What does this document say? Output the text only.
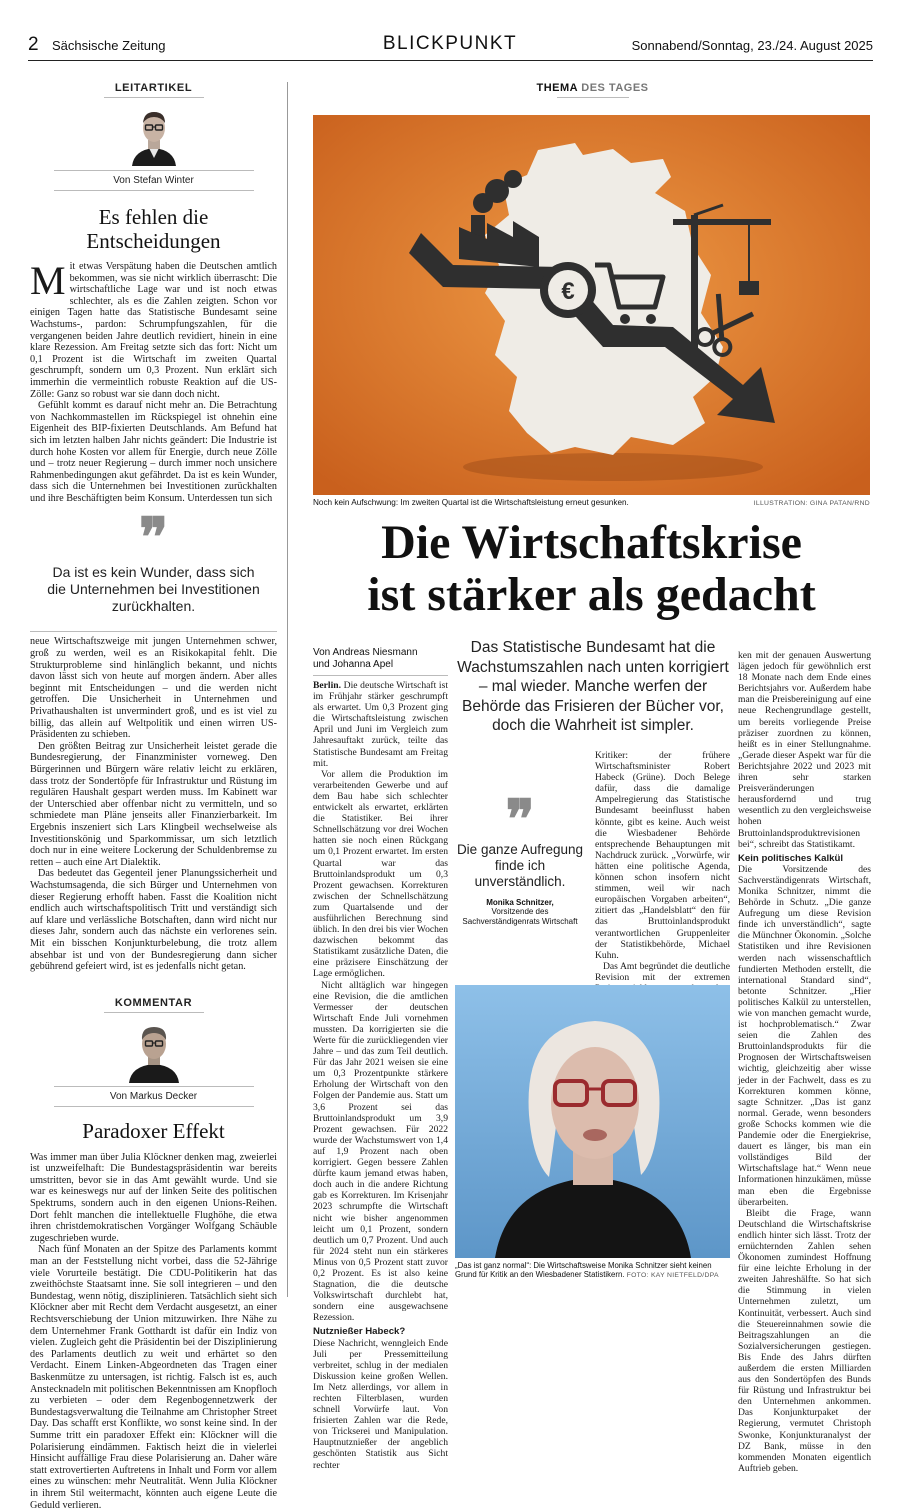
2 Sächsische Zeitung	BLICKPUNKT	Sonnabend/Sonntag, 23./24. August 2025
LEITARTIKEL
Von Stefan Winter
Es fehlen die Entscheidungen

Mit etwas Verspätung haben die Deutschen amtlich bekommen, was sie nicht wirklich überrascht: Die wirtschaftliche Lage war und ist noch etwas schlechter, als es die Zahlen zeigten. Schon vor einigen Tagen hatte das Statistische Bundesamt seine Wachstums-, pardon: Schrumpfungszahlen, für die vergangenen beiden Jahre deutlich revidiert, hinein in eine klare Rezession. Am Freitag setzte sich das fort: Nicht um 0,1 Prozent ist die Wirtschaft im zweiten Quartal geschrumpft, sondern um 0,3 Prozent. Nun erklärt sich immerhin die vermeintlich robuste Reaktion auf die US-Zölle: Ganz so robust war sie dann doch nicht.

Gefühlt kommt es darauf nicht mehr an. Die Betrachtung von Nachkommastellen im Rückspiegel ist ohnehin eine Eigenheit des BIP-fixierten Deutschlands. Am Befund hat sich im letzten halben Jahr nichts geändert: Die Industrie ist durch hohe Kosten vor allem für Energie, durch neue Zölle und – trotz neuer Regierung – durch immer noch unsichere Rahmenbedingungen akut gefährdet. Da ist es kein Wunder, dass sich die Unternehmen bei Investitionen zurückhalten und ihre Beschäftigten beim Konsum. Unterdessen tun sich

❞
Da ist es kein Wunder, dass sich die Unternehmen bei Investitionen zurückhalten.

neue Wirtschaftszweige mit jungen Unternehmen schwer, groß zu werden, weil es an Risikokapital fehlt. Die Strukturprobleme sind hinlänglich bekannt, und nichts davon lässt sich von heute auf morgen ändern. Aber alles beginnt mit Entscheidungen – und die werden nicht getroffen. Die Unsicherheit in Unternehmen und Privathaushalten ist unvermindert groß, und es ist viel zu billig, das allein auf Weltpolitik und einen wirren US-Präsidenten zu schieben.

Den größten Beitrag zur Unsicherheit leistet gerade die Bundesregierung, der Finanzminister vorneweg. Den Bürgerinnen und Bürgern wäre relativ leicht zu erklären, dass trotz der Sondertöpfe für Infrastruktur und Rüstung im regulären Haushalt gespart werden muss. Im Kabinett war der Unterschied aber offenbar nicht zu vermitteln, und so schmiedete man Pläne jenseits aller Finanzierbarkeit. Im Ergebnis inszeniert sich Lars Klingbeil wechselweise als Investitionskönig und Sparkommissar, um sich letztlich doch nur in eine weitere Lockerung der Schuldenbremse zu retten – auch eine Art Dialektik.

Das bedeutet das Gegenteil jener Planungssicherheit und Wachstumsagenda, die sich Bürger und Unternehmen von dieser Regierung erhofft haben. Fasst die Koalition nicht endlich auch wirtschaftspolitisch Tritt und verständigt sich auf klare und verlässliche Botschaften, dann wird nicht nur dieses Jahr, sondern auch das nächste ein verlorenes sein. Mit ein bisschen Konjunkturbelebung, die trotz allem absehbar ist und von der Bundesregierung dann sicher gebührend gefeiert wird, ist es jedenfalls nicht getan.

KOMMENTAR
Von Markus Decker
Paradoxer Effekt

Was immer man über Julia Klöckner denken mag, zweierlei ist unzweifelhaft: Die Bundestagspräsidentin war bereits umstritten, bevor sie in das Amt gewählt wurde. Und sie war es keineswegs nur auf der linken Seite des politischen Spektrums, sondern auch in den eigenen Unions-Reihen. Dort fehlt manchen die intellektuelle Flughöhe, die etwa ihren christdemokratischen Vorgänger Wolfgang Schäuble zugeschrieben wurde.

Nach fünf Monaten an der Spitze des Parlaments kommt man an der Feststellung nicht vorbei, dass die 52-Jährige viele Vorurteile bestätigt. Die CDU-Politikerin hat das zweithöchste Staatsamt inne. Sie soll integrieren – und den Bundestag, wenn nötig, disziplinieren. Tatsächlich sieht sich Klöckner aber mit Recht dem Verdacht ausgesetzt, an einer Rechtsverschiebung der Union mitzuwirken. Ihre Nähe zu dem Unternehmer Frank Gotthardt ist dafür ein Indiz von vielen. Zugleich geht die Präsidentin bei der Disziplinierung des Parlaments deutlich zu weit und erhärtet so den Verdacht. Einem Linken-Abgeordneten das Tragen einer Baskenmütze zu untersagen, ist richtig. Falsch ist es, auch Anstecknadeln mit politischen Bekenntnissen am Knopfloch zu verbieten – oder dem Regenbogennetzwerk der Bundestagsverwaltung die Teilnahme am Christopher Street Day. Das schafft erst Konflikte, wo sonst keine sind. In der Summe tritt ein paradoxer Effekt ein: Klöckner will die Polarisierung eindämmen. Faktisch heizt die in vielerlei Hinsicht auffällige Frau diese Polarisierung an. Daher wäre statt extrovertierten Auftretens in Inhalt und Form vor allem eines zu wünschen: mehr Neutralität. Wenn Julia Klöckner in ihrem Stil weitermacht, könnten auch eigene Leute die Geduld verlieren.

THEMA DES TAGES
€
Noch kein Aufschwung: Im zweiten Quartal ist die Wirtschaftsleistung erneut gesunken.	ILLUSTRATION: GINA PATAN/RND
Die Wirtschaftskrise
ist stärker als gedacht
Von Andreas Niesmann
und Johanna Apel
Das Statistische Bundesamt hat die Wachstumszahlen nach unten korrigiert – mal wieder. Manche werfen der Behörde das Frisieren der Bücher vor, doch die Wahrheit ist simpler.

Berlin. Die deutsche Wirtschaft ist im Frühjahr stärker geschrumpft als erwartet. Um 0,3 Prozent ging die Wirtschaftsleistung zwischen April und Juni im Vergleich zum Jahresauftakt zurück, teilte das Statistische Bundesamt am Freitag mit.

Vor allem die Produktion im verarbeitenden Gewerbe und auf dem Bau habe sich schlechter entwickelt als erwartet, erklärten die Statistiker. Bei ihrer Schnellschätzung vor drei Wochen hatten sie noch einen Rückgang um 0,1 Prozent erwartet. Im ersten Quartal war das Bruttoinlandsprodukt um 0,3 Prozent gewachsen. Korrekturen zwischen der Schnellschätzung zum Quartalsende und der ausführlichen Berechnung sind üblich. In den drei bis vier Wochen dazwischen bekommt das Statistikamt zusätzliche Daten, die eine präzisere Einschätzung der Lage ermöglichen.

Nicht alltäglich war hingegen eine Revision, die die amtlichen Vermesser der deutschen Wirtschaft Ende Juli vornehmen mussten. Da korrigierten sie die Werte für die zurückliegenden vier Jahre – und das zum Teil deutlich. Für das Jahr 2021 weisen sie eine um 0,3 Prozentpunkte stärkere Erholung der Wirtschaft von den Folgen der Pandemie aus. Statt um 3,6 Prozent sei das Bruttoinlandsprodukt um 3,9 Prozent gewachsen. Für 2022 wurde der Wachstumswert von 1,4 auf 1,9 Prozent nach oben korrigiert. Gegen bessere Zahlen dürfte kaum jemand etwas haben, doch auch in die andere Richtung gab es Korrekturen. Im Krisenjahr 2023 schrumpfte die Wirtschaft nicht wie bisher angenommen leicht um 0,1 Prozent, sondern deutlich um 0,7 Prozent. Und auch für 2024 steht nun ein stärkeres Minus von 0,5 Prozent statt zuvor 0,2 Prozent. Es ist also keine Stagnation, die die deutsche Volkswirtschaft durchlebt hat, sondern eine ausgewachsene Rezession.

Nutznießer Habeck?

Diese Nachricht, wenngleich Ende Juli per Pressemitteilung verbreitet, schlug in der medialen Diskussion keine großen Wellen. Im Netz allerdings, vor allem in rechten Filterblasen, wurden schnell Vorwürfe laut. Von frisierten Zahlen war die Rede, von Trickserei und Manipulation. Hauptnutznießer der angeblich geschönten Statistik aus Sicht rechter

❞
Die ganze Aufregung finde ich unverständlich.
Monika Schnitzer,
Vorsitzende des Sachverständigenrats Wirtschaft

Kritiker: der frühere Wirtschaftsminister Robert Habeck (Grüne). Doch Belege dafür, dass die damalige Ampelregierung das Statistische Bundesamt beeinflusst haben könnte, gibt es keine. Auch weist die Wiesbadener Behörde entsprechende Behauptungen mit Nachdruck zurück. „Vorwürfe, wir hätten eine politische Agenda, können schon insofern nicht stimmen, weil wir nach europäischen Vorgaben arbeiten“, zitiert das „Handelsblatt“ den für das Bruttoinlandsprodukt verantwortlichen Gruppenleiter der Statistikbehörde, Michael Kuhn.

Das Amt begründet die deutliche Revision mit der extremen

„Das ist ganz normal“: Die Wirtschaftsweise Monika Schnitzer sieht keinen Grund für Kritik an den Wiesbadener Statistikern. FOTO: KAY NIETFELD/DPA

ken mit der genauen Auswertung lägen jedoch für gewöhnlich erst 18 Monate nach dem Ende eines Berichtsjahrs vor. Außerdem habe man die Preisbereinigung auf eine neue Rechengrundlage gestellt, um bereits vorliegende Preise präziser zuordnen zu können, heißt es in einer Stellungnahme. „Gerade dieser Aspekt war für die Berichtsjahre 2022 und 2023 mit ihren sehr starken Preisveränderungen herausfordernd und trug wesentlich zu den vergleichsweise hohen Bruttoinlandsproduktrevisionen bei“, schreibt das Statistikamt.

Kein politisches Kalkül

Die Vorsitzende des Sachverständigenrats Wirtschaft, Monika Schnitzer, nimmt die Behörde in Schutz. „Die ganze Aufregung um diese Revision finde ich unverständlich“, sagte die Münchner Ökonomin. „Solche Statistiken und ihre Revisionen werden nach wissenschaftlich fundierten Methoden erstellt, die international Standard sind“, betonte Schnitzer. „Hier politisches Kalkül zu unterstellen, wie von manchen gemacht wurde, ist hochproblematisch.“ Zwar seien die Zahlen des Bruttoinlandsprodukts für die Prognosen der Wirtschaftsweisen wichtig, gleichzeitig aber wisse jeder in der Fachwelt, dass es zu Korrekturen kommen könne, sagte Schnitzer. „Das ist ganz normal. Gerade, wenn besonders große Schocks kommen wie die Pandemie oder die Energiekrise, dauert es länger, bis man ein vollständiges Bild der Wirtschaftslage hat.“ Wenn neue Informationen hinzukämen, müsse man eben die Ergebnisse überarbeiten.

Bleibt die Frage, wann Deutschland die Wirtschaftskrise endlich hinter sich lässt. Trotz der ernüchternden Zahlen sehen Ökonomen zumindest Hoffnung für eine leichte Erholung in der zweiten Jahreshälfte. So hat sich die Stimmung in vielen Unternehmen zuletzt, um Kontinuität, verbessert. Auch sind die Steuereinnahmen sowie die Beitragszahlungen an die Sozialversicherungen gestiegen. Bis Ende des Jahrs dürften außerdem die ersten Milliarden aus den Sondertöpfen des Bunds für Rüstung und Infrastruktur bei den Unternehmen ankommen. Das Konjunkturpaket der Regierung, vermutet Christoph Swonke, Konjunkturanalyst der DZ Bank, müsse in den kommenden Monaten eigentlich Auftrieb geben.
